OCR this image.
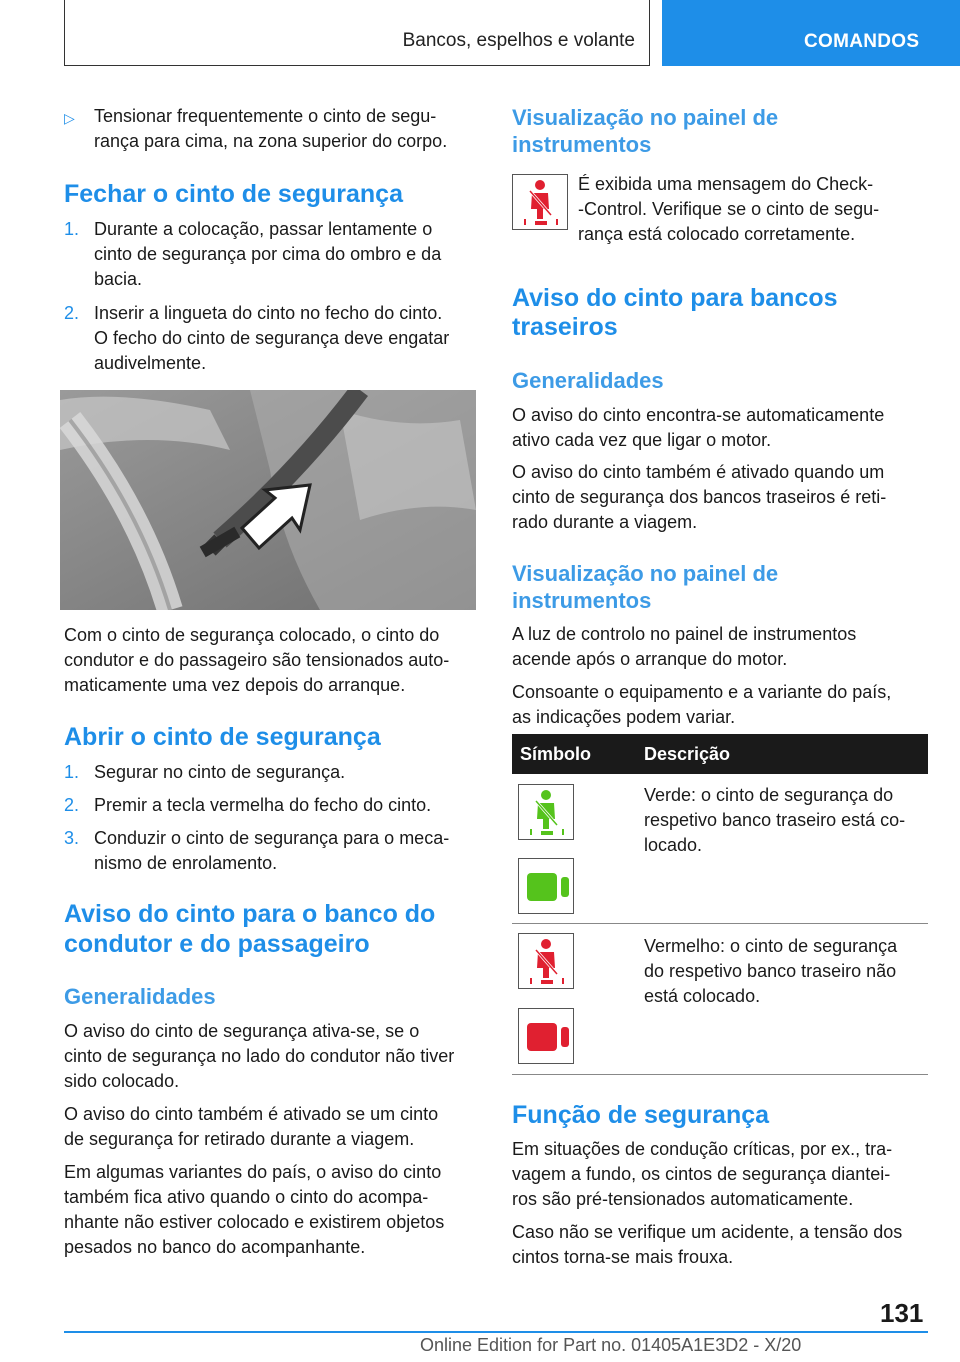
Bancos, espelhos e volante	COMANDOS
▷ Tensionar frequentemente o cinto de segu-
rança para cima, na zona superior do corpo.
Fechar o cinto de segurança
1. Durante a colocação, passar lentamente o
cinto de segurança por cima do ombro e da
bacia.
2. Inserir a lingueta do cinto no fecho do cinto.
O fecho do cinto de segurança deve engatar
audivelmente.
Com o cinto de segurança colocado, o cinto do
condutor e do passageiro são tensionados auto-
maticamente uma vez depois do arranque.
Abrir o cinto de segurança
1. Segurar no cinto de segurança.
2. Premir a tecla vermelha do fecho do cinto.
3. Conduzir o cinto de segurança para o meca-
nismo de enrolamento.
Aviso do cinto para o banco do
condutor e do passageiro
Generalidades
O aviso do cinto de segurança ativa-se, se o
cinto de segurança no lado do condutor não tiver
sido colocado.
O aviso do cinto também é ativado se um cinto
de segurança for retirado durante a viagem.
Em algumas variantes do país, o aviso do cinto
também fica ativo quando o cinto do acompa-
nhante não estiver colocado e existirem objetos
pesados no banco do acompanhante.
Visualização no painel de
instrumentos
É exibida uma mensagem do Check-
-Control. Verifique se o cinto de segu-
rança está colocado corretamente.
Aviso do cinto para bancos
traseiros
Generalidades
O aviso do cinto encontra-se automaticamente
ativo cada vez que ligar o motor.
O aviso do cinto também é ativado quando um
cinto de segurança dos bancos traseiros é reti-
rado durante a viagem.
Visualização no painel de
instrumentos
A luz de controlo no painel de instrumentos
acende após o arranque do motor.
Consoante o equipamento e a variante do país,
as indicações podem variar.
Símbolo	Descrição
Verde: o cinto de segurança do
respetivo banco traseiro está co-
locado.
Vermelho: o cinto de segurança
do respetivo banco traseiro não
está colocado.
Função de segurança
Em situações de condução críticas, por ex., tra-
vagem a fundo, os cintos de segurança diantei-
ros são pré-tensionados automaticamente.
Caso não se verifique um acidente, a tensão dos
cintos torna-se mais frouxa.
131
Online Edition for Part no. 01405A1E3D2 - X/20
